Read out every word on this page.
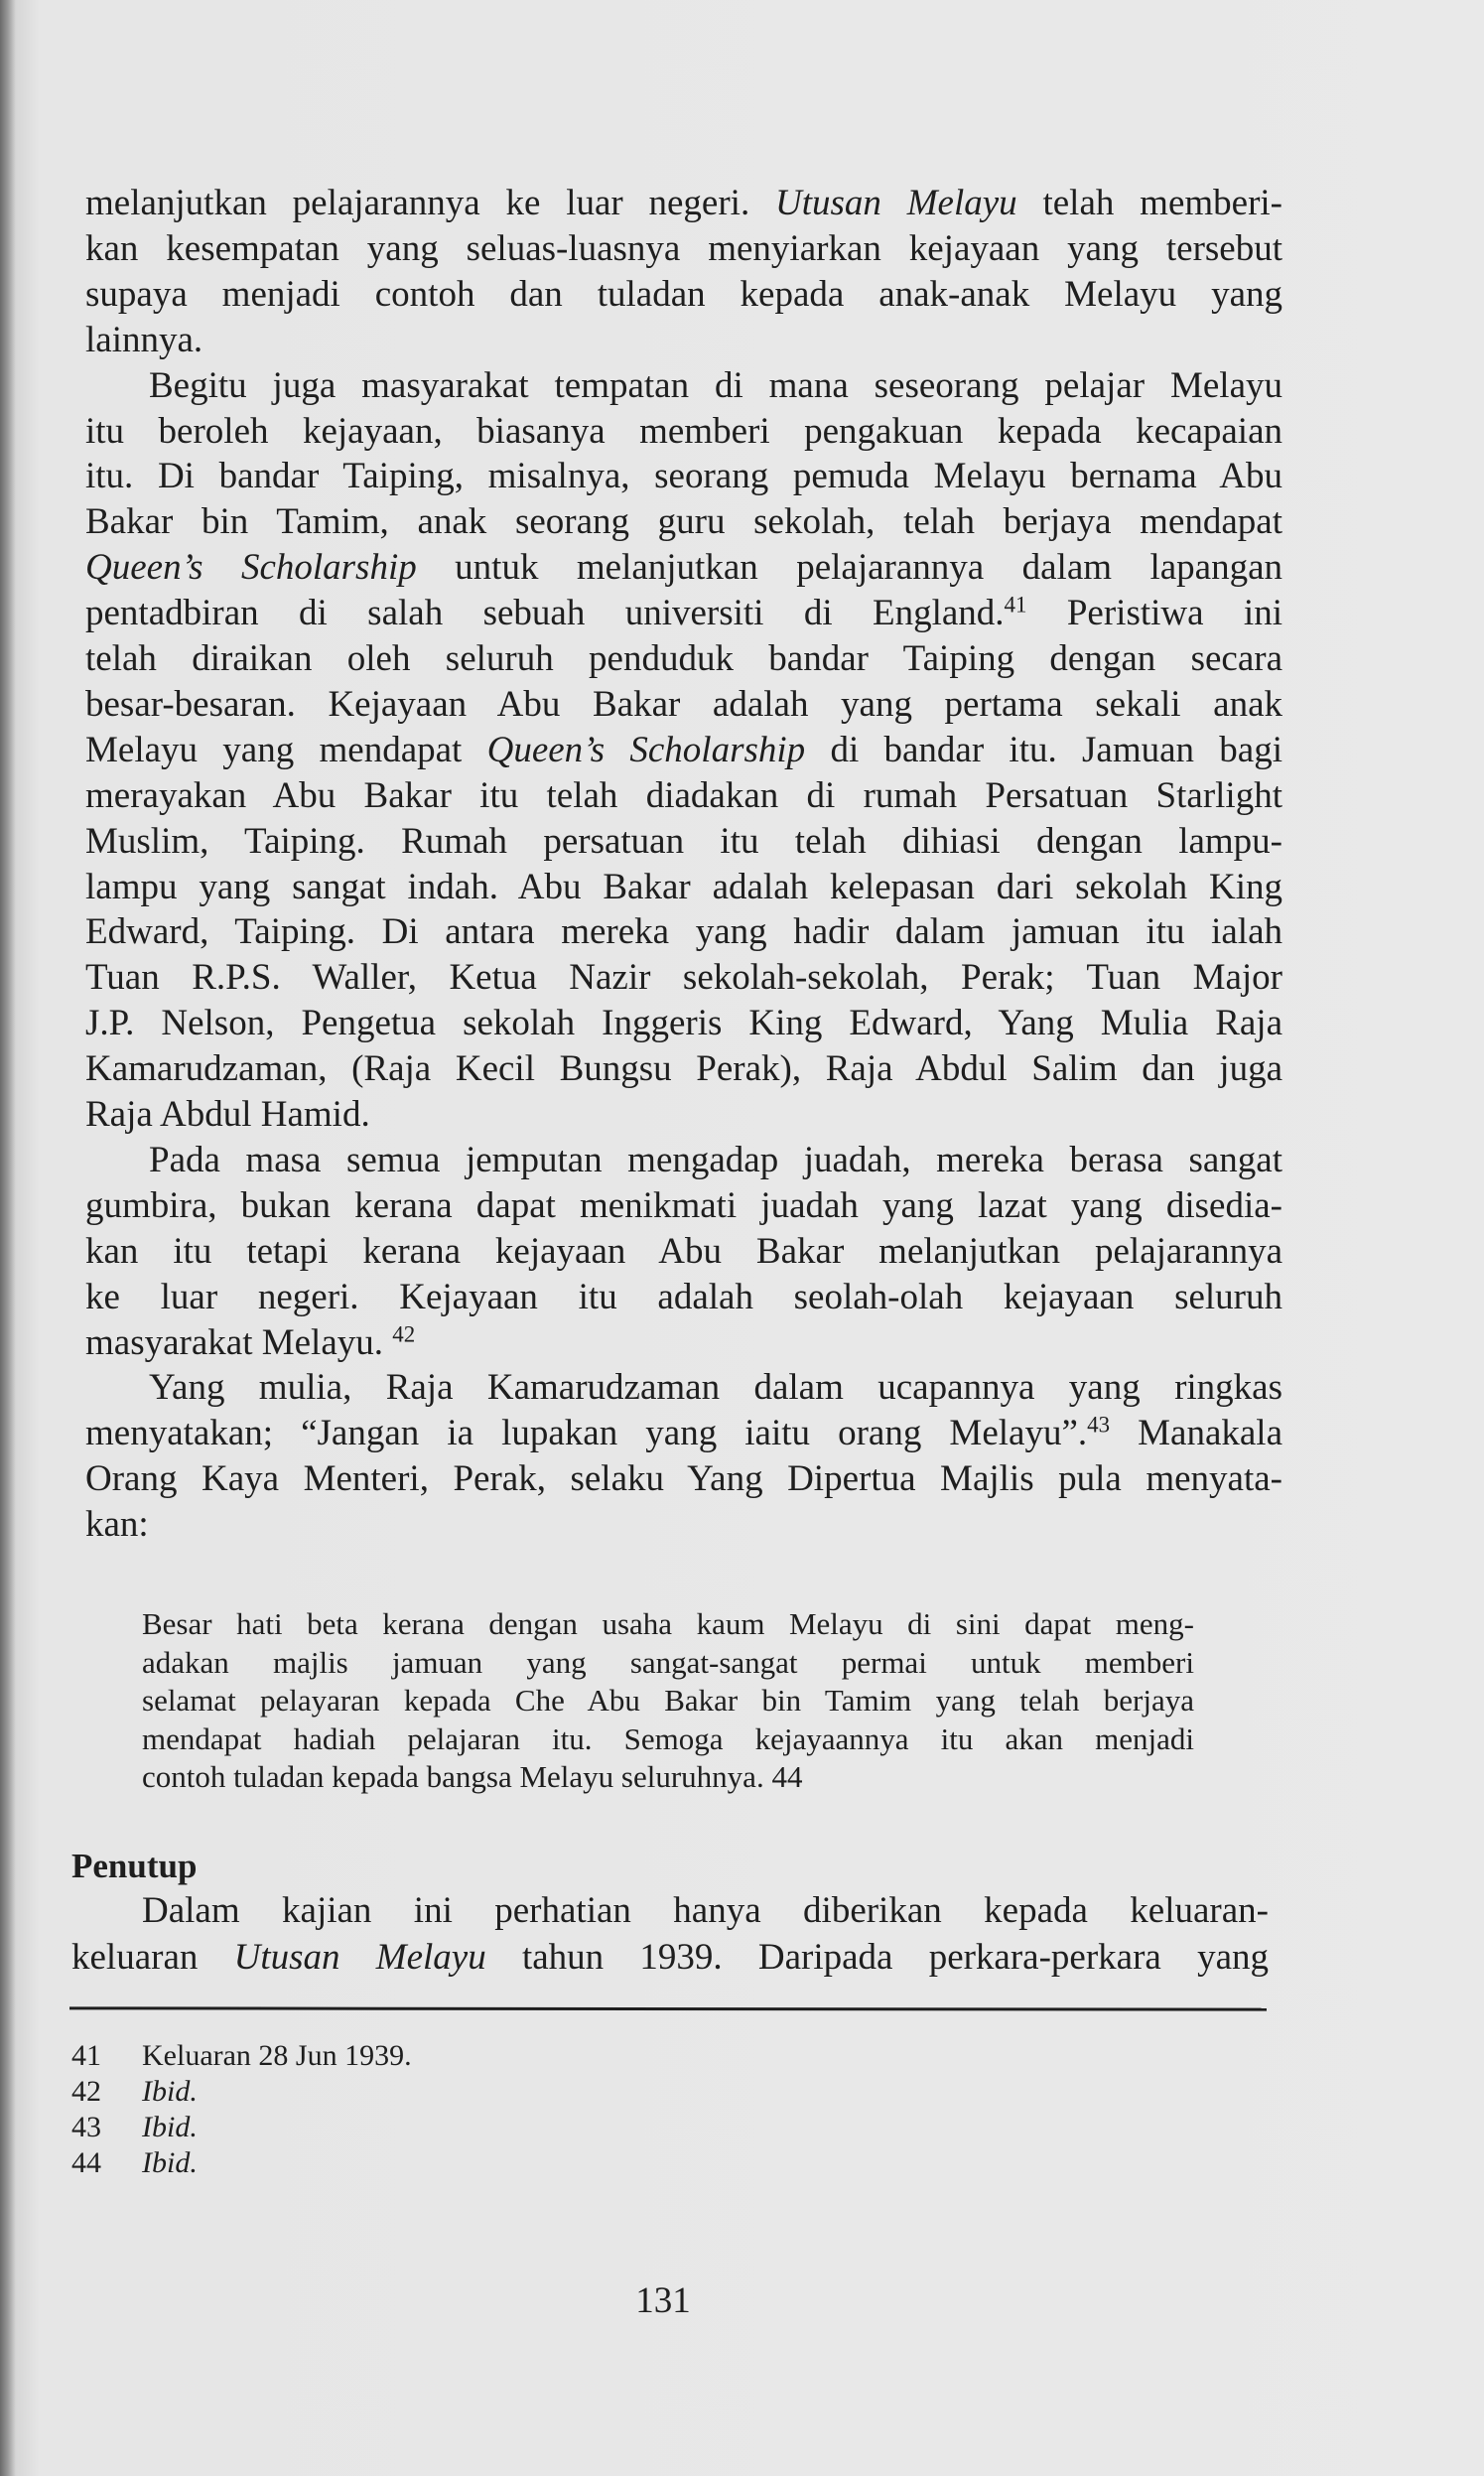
melanjutkan pelajarannya ke luar negeri. Utusan Melayu telah memberi-
kan kesempatan yang seluas-luasnya menyiarkan kejayaan yang tersebut
supaya menjadi contoh dan tuladan kepada anak-anak Melayu yang
lainnya.
Begitu juga masyarakat tempatan di mana seseorang pelajar Melayu
itu beroleh kejayaan, biasanya memberi pengakuan kepada kecapaian
itu. Di bandar Taiping, misalnya, seorang pemuda Melayu bernama Abu
Bakar bin Tamim, anak seorang guru sekolah, telah berjaya mendapat
Queen’s Scholarship untuk melanjutkan pelajarannya dalam lapangan
pentadbiran di salah sebuah universiti di England.$^{41}$ Peristiwa ini
telah diraikan oleh seluruh penduduk bandar Taiping dengan secara
besar-besaran. Kejayaan Abu Bakar adalah yang pertama sekali anak
Melayu yang mendapat Queen’s Scholarship di bandar itu. Jamuan bagi
merayakan Abu Bakar itu telah diadakan di rumah Persatuan Starlight
Muslim, Taiping. Rumah persatuan itu telah dihiasi dengan lampu-
lampu yang sangat indah. Abu Bakar adalah kelepasan dari sekolah King
Edward, Taiping. Di antara mereka yang hadir dalam jamuan itu ialah
Tuan R.P.S. Waller, Ketua Nazir sekolah-sekolah, Perak; Tuan Major
J.P. Nelson, Pengetua sekolah Inggeris King Edward, Yang Mulia Raja
Kamarudzaman, (Raja Kecil Bungsu Perak), Raja Abdul Salim dan juga
Raja Abdul Hamid.
Pada masa semua jemputan mengadap juadah, mereka berasa sangat
gumbira, bukan kerana dapat menikmati juadah yang lazat yang disedia-
kan itu tetapi kerana kejayaan Abu Bakar melanjutkan pelajarannya
ke luar negeri. Kejayaan itu adalah seolah-olah kejayaan seluruh
masyarakat Melayu. $^{42}$
Yang mulia, Raja Kamarudzaman dalam ucapannya yang ringkas
menyatakan; “Jangan ia lupakan yang iaitu orang Melayu”.$^{43}$ Manakala
Orang Kaya Menteri, Perak, selaku Yang Dipertua Majlis pula menyata-
kan:
Besar hati beta kerana dengan usaha kaum Melayu di sini dapat meng-
adakan majlis jamuan yang sangat-sangat permai untuk memberi
selamat pelayaran kepada Che Abu Bakar bin Tamim yang telah berjaya
mendapat hadiah pelajaran itu. Semoga kejayaannya itu akan menjadi
contoh tuladan kepada bangsa Melayu seluruhnya. 44
Penutup
Dalam kajian ini perhatian hanya diberikan kepada keluaran-
keluaran Utusan Melayu tahun 1939. Daripada perkara-perkara yang
41 Keluaran 28 Jun 1939.
42 Ibid.
43 Ibid.
44 Ibid.
131
